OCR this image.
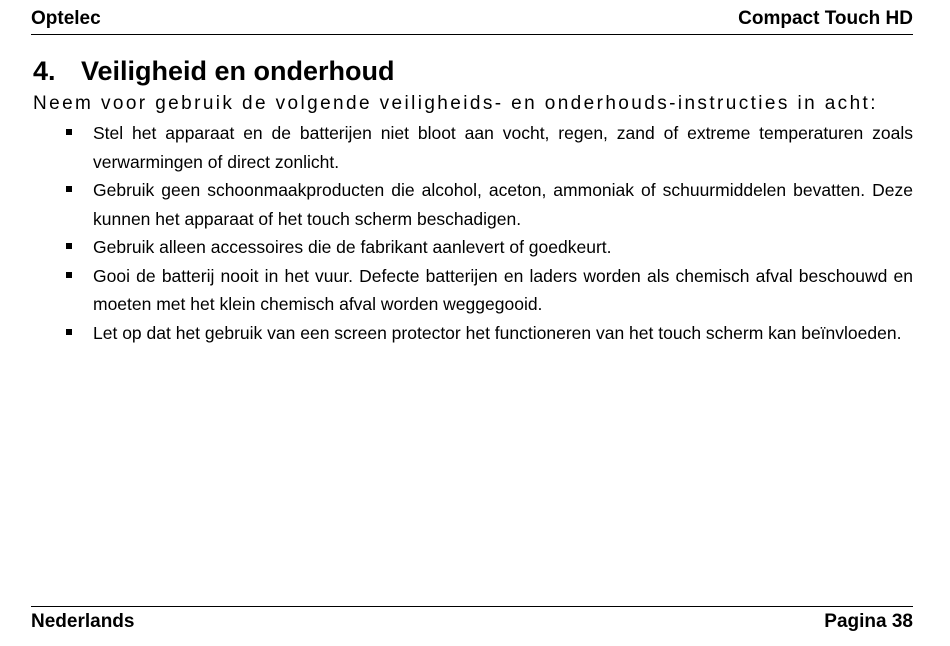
Optelec	Compact Touch HD
4. Veiligheid en onderhoud
Neem voor gebruik de volgende veiligheids- en onderhouds-instructies in acht:
Stel het apparaat en de batterijen niet bloot aan vocht, regen, zand of extreme temperaturen zoals verwarmingen of direct zonlicht.
Gebruik geen schoonmaakproducten die alcohol, aceton, ammoniak of schuurmiddelen bevatten. Deze kunnen het apparaat of het touch scherm beschadigen.
Gebruik alleen accessoires die de fabrikant aanlevert of goedkeurt.
Gooi de batterij nooit in het vuur. Defecte batterijen en laders worden als chemisch afval beschouwd en moeten met het klein chemisch afval worden weggegooid.
Let op dat het gebruik van een screen protector het functioneren van het touch scherm kan beïnvloeden.
Nederlands	Pagina 38
